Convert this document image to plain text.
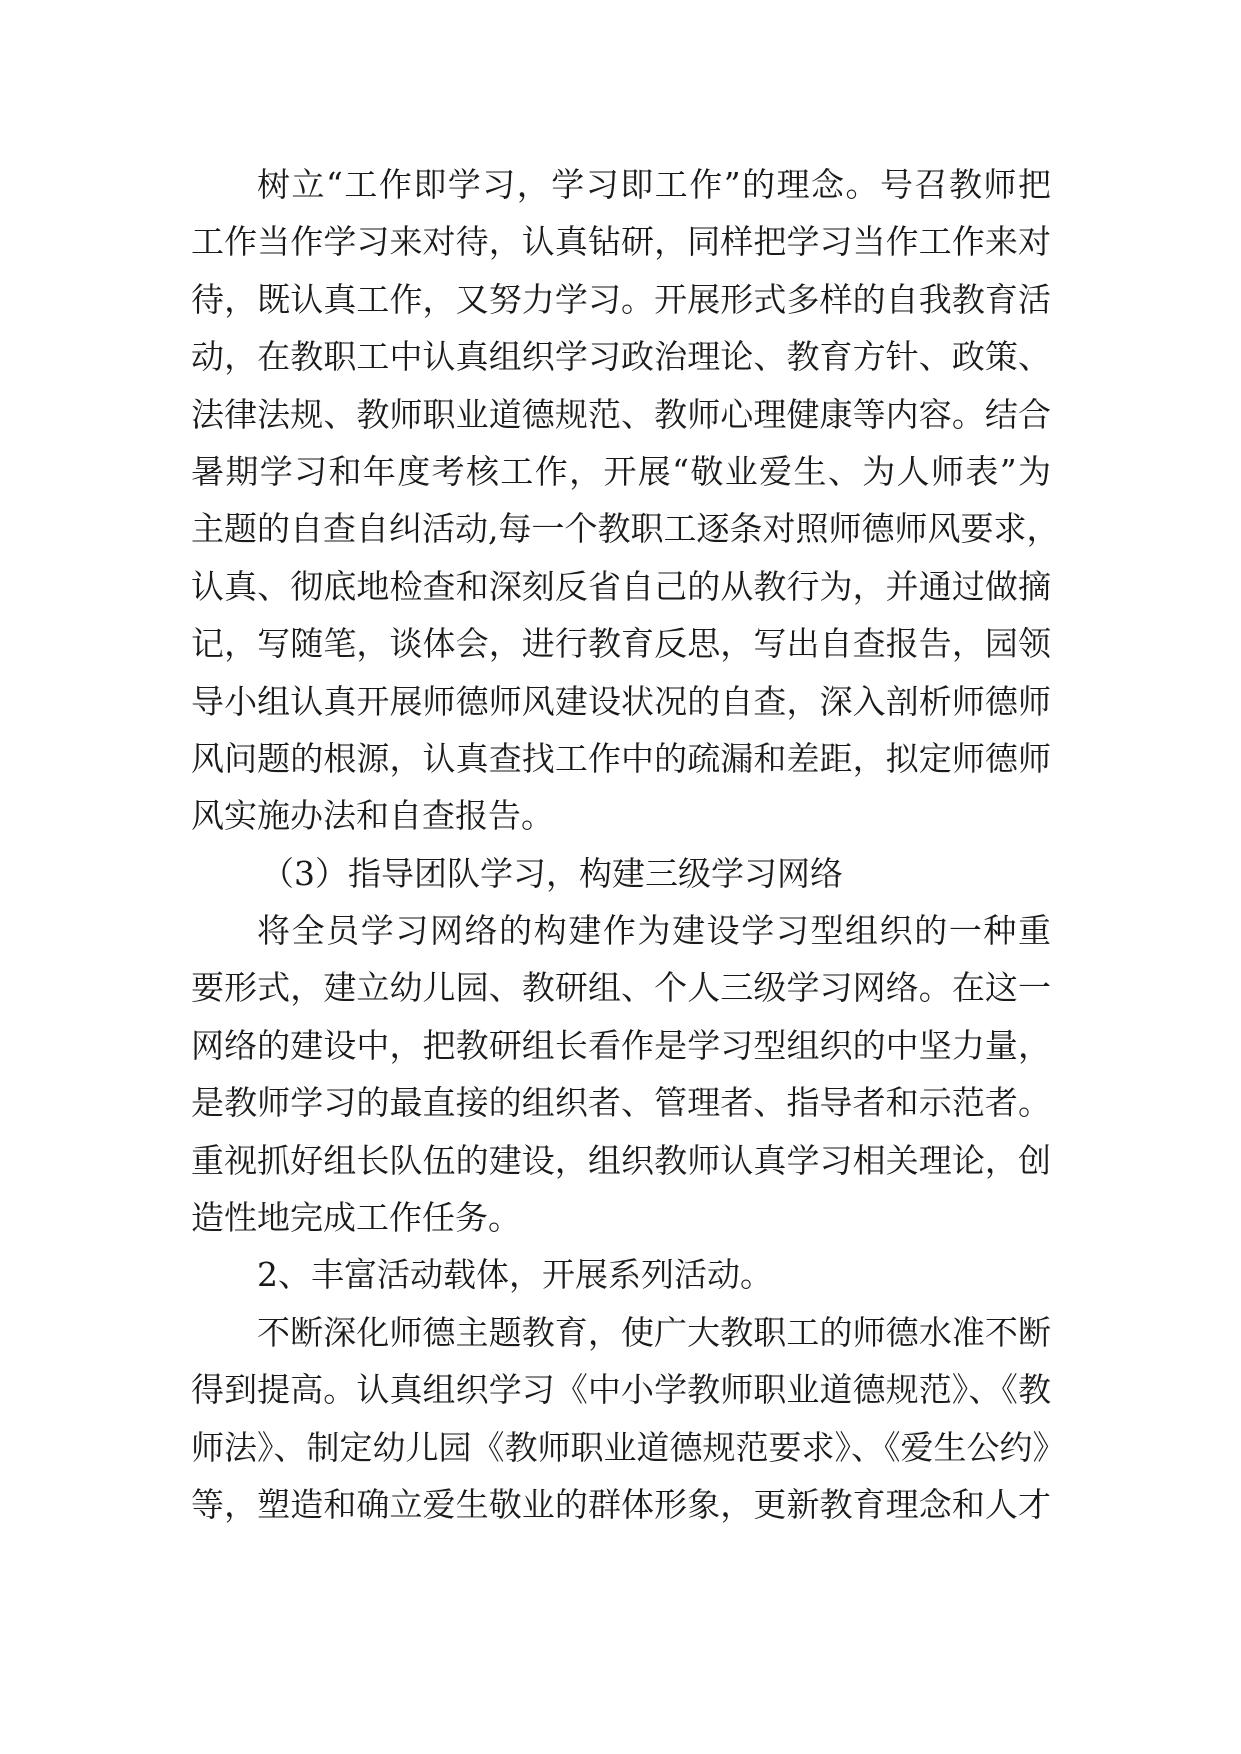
树立“工作即学习，学习即工作”的理念。号召教师把
工作当作学习来对待，认真钻研，同样把学习当作工作来对
待，既认真工作，又努力学习。开展形式多样的自我教育活
动，在教职工中认真组织学习政治理论、教育方针、政策、
法律法规、教师职业道德规范、教师心理健康等内容。结合
暑期学习和年度考核工作，开展“敬业爱生、为人师表”为
主题的自查自纠活动,每一个教职工逐条对照师德师风要求，
认真、彻底地检查和深刻反省自己的从教行为，并通过做摘
记，写随笔，谈体会，进行教育反思，写出自查报告，园领
导小组认真开展师德师风建设状况的自查，深入剖析师德师
风问题的根源，认真查找工作中的疏漏和差距，拟定师德师
风实施办法和自查报告。
（3）指导团队学习，构建三级学习网络
将全员学习网络的构建作为建设学习型组织的一种重
要形式，建立幼儿园、教研组、个人三级学习网络。在这一
网络的建设中，把教研组长看作是学习型组织的中坚力量，
是教师学习的最直接的组织者、管理者、指导者和示范者。
重视抓好组长队伍的建设，组织教师认真学习相关理论，创
造性地完成工作任务。
2、丰富活动载体，开展系列活动。
不断深化师德主题教育，使广大教职工的师德水准不断
得到提高。认真组织学习《中小学教师职业道德规范》、《教
师法》、制定幼儿园《教师职业道德规范要求》、《爱生公约》
等，塑造和确立爱生敬业的群体形象，更新教育理念和人才
